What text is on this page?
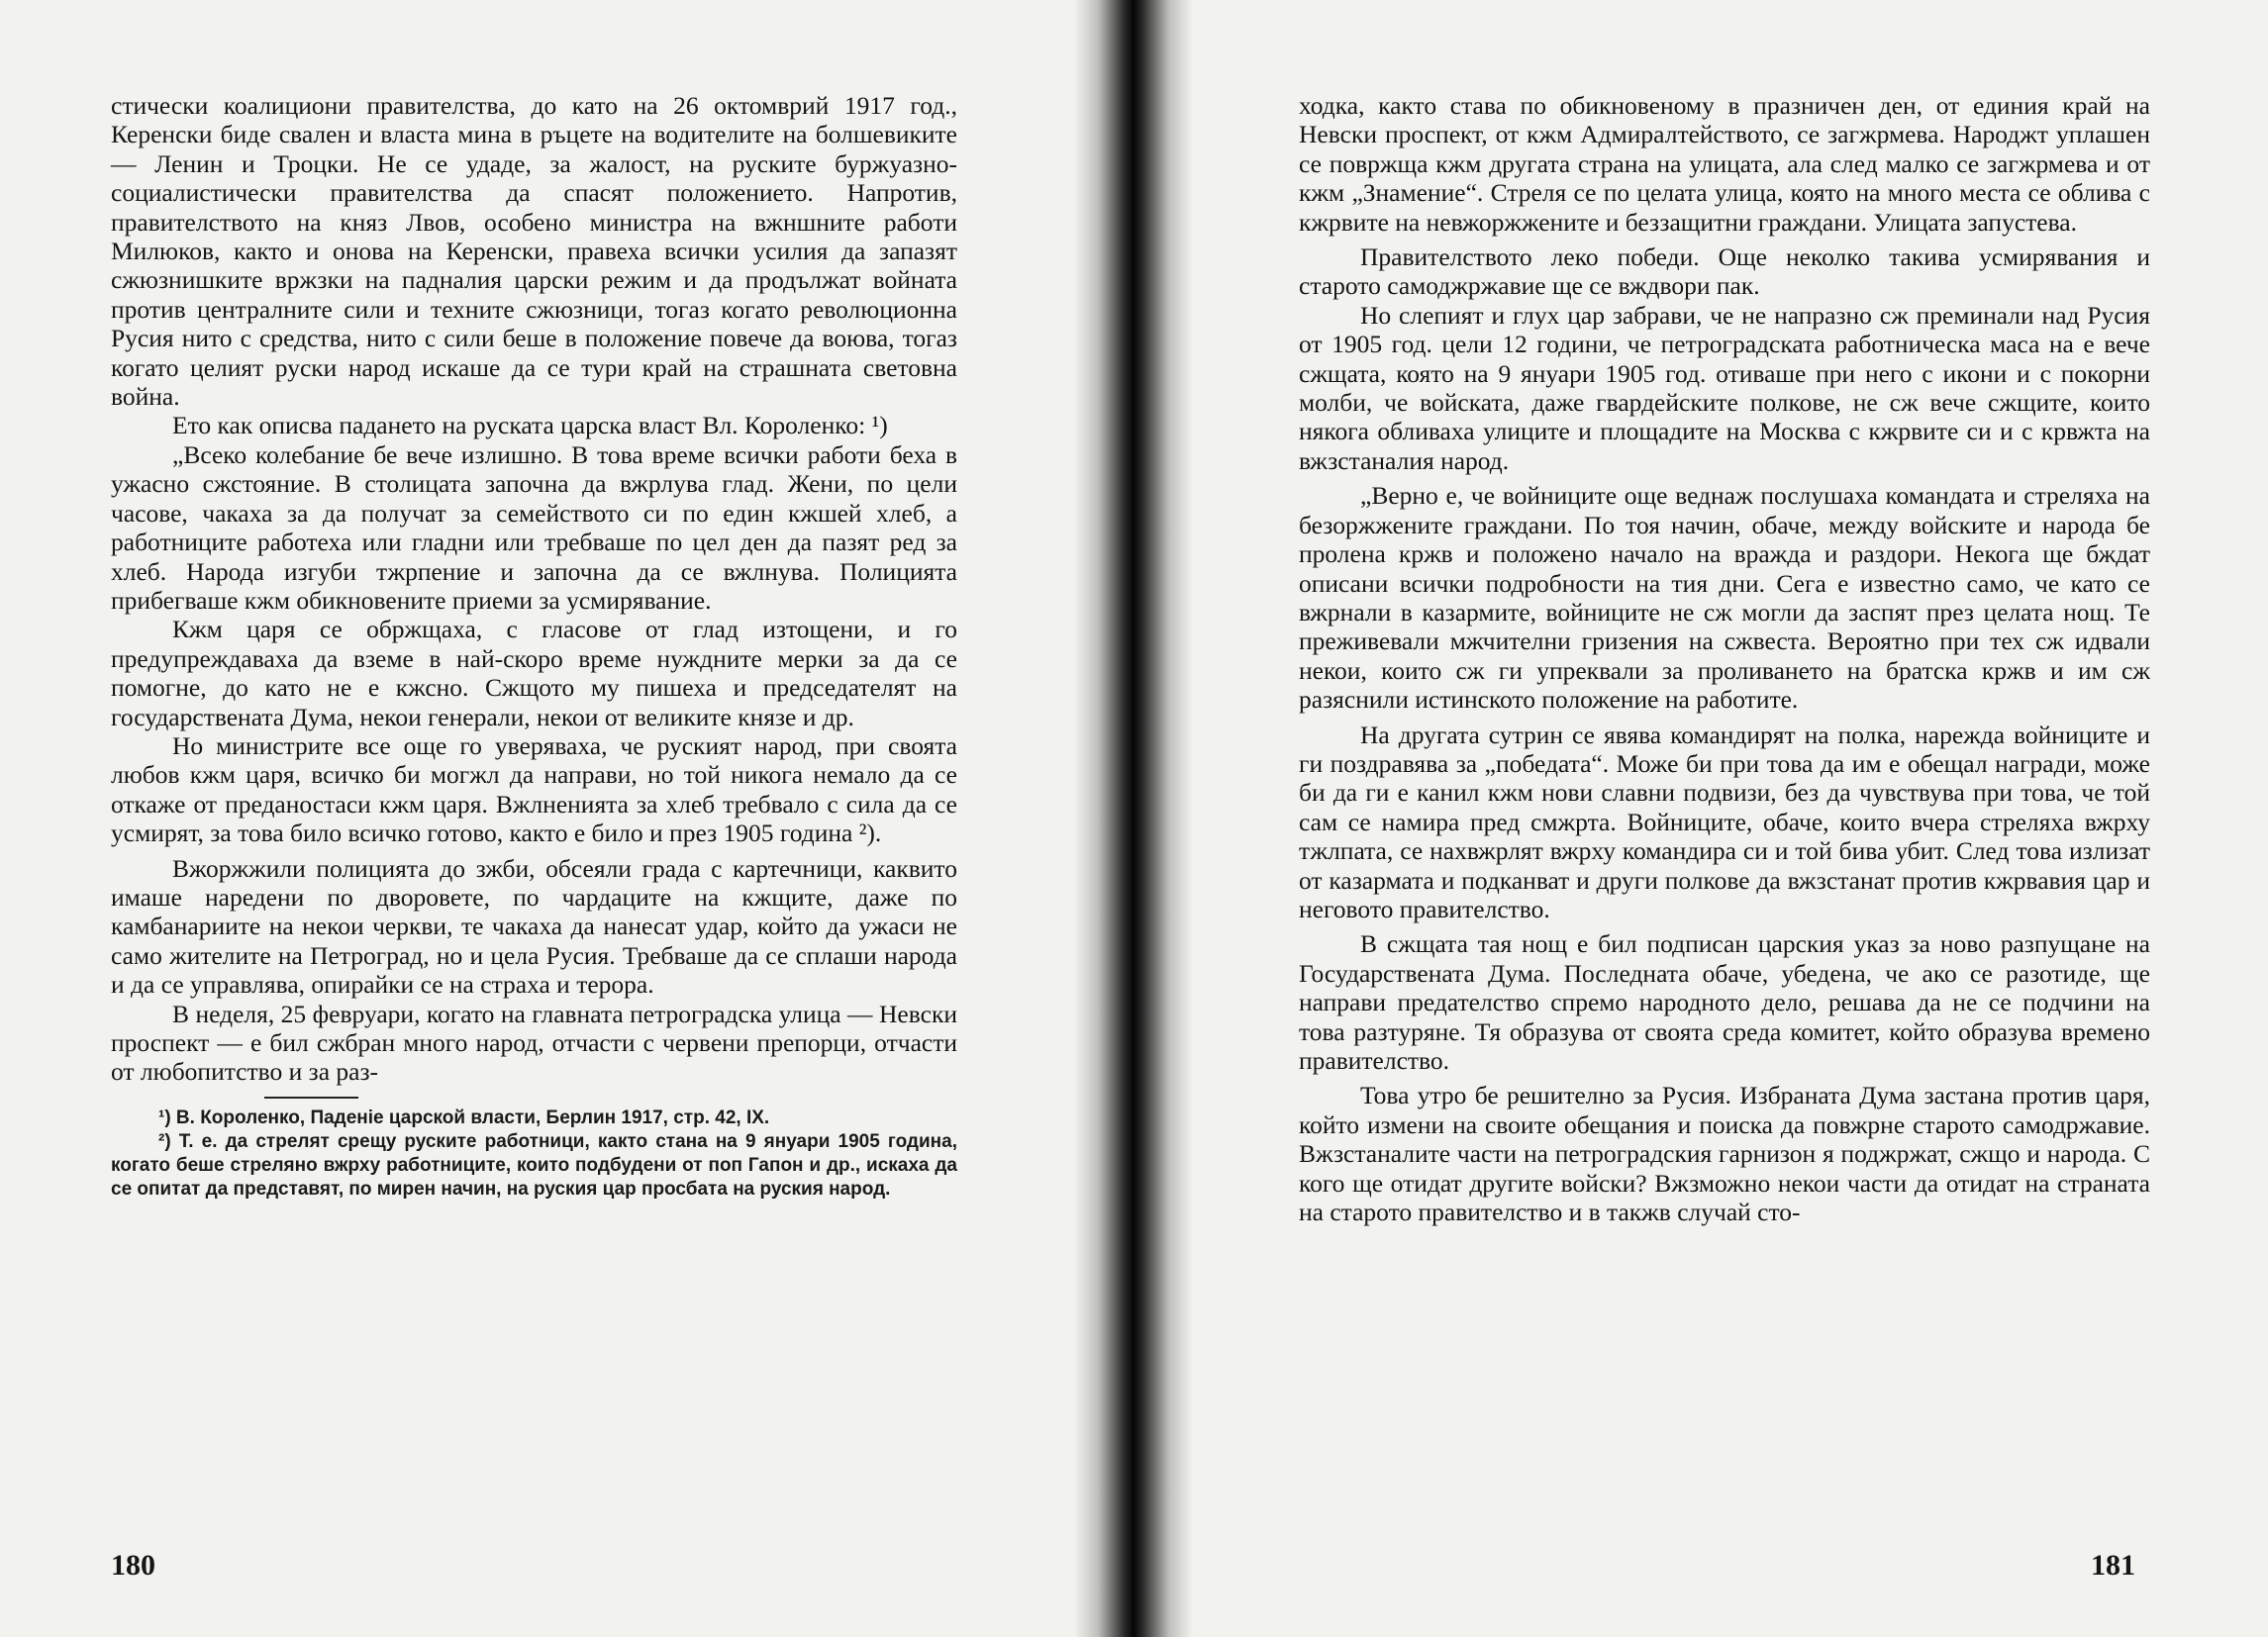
стически коалициони правителства, до като на 26 октомврий 1917 год., Керенски биде свален и власта мина в ръцете на водителите на болшевиките — Ленин и Троцки. Не се удаде, за жалост, на руските буржуазно-социалистически правителства да спасят положението. Напротив, правителството на княз Лвов, особено министра на вжншните работи Милюков, както и онова на Керенски, правеха всички усилия да запазят сжюзнишките вржзки на падналия царски режим и да продължат войната против централните сили и техните сжюзници, тогаз когато революционна Русия нито с средства, нито с сили беше в положение повече да воюва, тогаз когато целият руски народ искаше да се тури край на страшната световна война.

Ето как описва падането на руската царска власт Вл. Короленко: ¹)

„Всеко колебание бе вече излишно. В това време всички работи беха в ужасно сжстояние. В столицата започна да вжрлува глад. Жени, по цели часове, чакаха за да получат за семейството си по един кжшей хлеб, а работниците работеха или гладни или требваше по цел ден да пазят ред за хлеб. Народа изгуби тжрпение и започна да се вжлнува. Полицията прибегваше кжм обикновените приеми за усмирявание.

Кжм царя се обржщаха, с гласове от глад изтощени, и го предупреждаваха да вземе в най-скоро време нуждните мерки за да се помогне, до като не е кжсно. Сжщото му пишеха и председателят на государствената Дума, некои генерали, некои от великите князе и др.

Но министрите все още го уверяваха, че руският народ, при своята любов кжм царя, всичко би могжл да направи, но той никога немало да се откаже от преданостаси кжм царя. Вжлненията за хлеб требвало с сила да се усмирят, за това било всичко готово, както е било и през 1905 година ²).

Вжоржжили полицията до зжби, обсеяли града с картечници, каквито имаше наредени по дворовете, по чардаците на кжщите, даже по камбанариите на некои черкви, те чакаха да нанесат удар, който да ужаси не само жителите на Петроград, но и цела Русия. Требваше да се сплаши народа и да се управлява, опирайки се на страха и терора.

В неделя, 25 февруари, когато на главната петроградска улица — Невски проспект — е бил сжбран много народ, отчасти с червени препорци, отчасти от любопитство и за раз-

¹) В. Короленко, Паденіе царской власти, Берлин 1917, стр. 42, IX.

²) Т. е. да стрелят срещу руските работници, както стана на 9 януари 1905 година, когато беше стреляно вжрху работниците, които подбудени от поп Гапон и др., искаха да се опитат да представят, по мирен начин, на руския цар просбата на руския народ.

180

ходка, както става по обикновеному в празничен ден, от единия край на Невски проспект, от кжм Адмиралтейството, се загжрмева. Народжт уплашен се повржща кжм другата страна на улицата, ала след малко се загжрмева и от кжм „Знамение“. Стреля се по целата улица, която на много места се облива с кжрвите на невжоржжените и беззащитни граждани. Улицата запустева.

Правителството леко победи. Още неколко такива усмирявания и старото самоджржавие ще се вждвори пак.

Но слепият и глух цар забрави, че не напразно сж преминали над Русия от 1905 год. цели 12 години, че петроградската работническа маса на е вече сжщата, която на 9 януари 1905 год. отиваше при него с икони и с покорни молби, че войската, даже гвардейските полкове, не сж вече сжщите, които някога обливаха улиците и площадите на Москва с кжрвите си и с крвжта на вжзстаналия народ.

„Верно е, че войниците още веднаж послушаха командата и стреляха на безоржжените граждани. По тоя начин, обаче, между войските и народа бе пролена кржв и положено начало на вражда и раздори. Некога ще бждат описани всички подробности на тия дни. Сега е известно само, че като се вжрнали в казармите, войниците не сж могли да заспят през целата нощ. Те преживевали мжчителни гризения на сжвеста. Вероятно при тех сж идвали некои, които сж ги упреквали за проливането на братска кржв и им сж разяснили истинското положение на работите.

На другата сутрин се явява командирят на полка, нарежда войниците и ги поздравява за „победата“. Може би при това да им е обещал награди, може би да ги е канил кжм нови славни подвизи, без да чувствува при това, че той сам се намира пред смжрта. Войниците, обаче, които вчера стреляха вжрху тжлпата, се нахвжрлят вжрху командира си и той бива убит. След това излизат от казармата и подканват и други полкове да вжзстанат против кжрвавия цар и неговото правителство.

В сжщата тая нощ е бил подписан царския указ за ново разпущане на Государствената Дума. Последната обаче, убедена, че ако се разотиде, ще направи предателство спремо народното дело, решава да не се подчини на това разтуряне. Тя образува от своята среда комитет, който образува времено правителство.

Това утро бе решително за Русия. Избраната Дума застана против царя, който измени на своите обещания и поиска да повжрне старото самодржавие. Вжзстаналите части на петроградския гарнизон я поджржат, сжщо и народа. С кого ще отидат другите войски? Вжзможно некои части да отидат на страната на старото правителство и в такжв случай сто-

181
